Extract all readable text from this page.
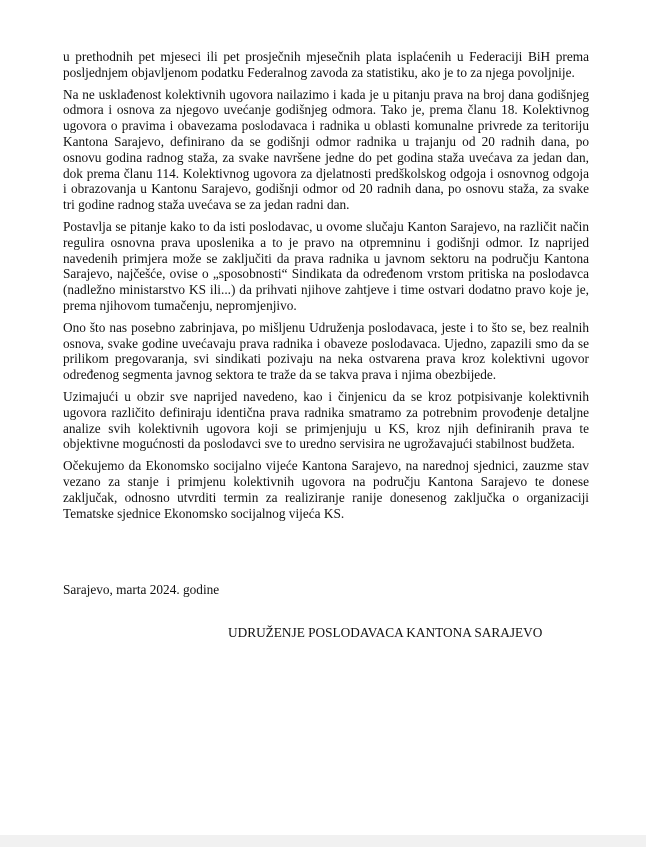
u prethodnih pet mjeseci ili pet prosječnih mjesečnih plata isplaćenih u Federaciji BiH prema posljednjem objavljenom podatku Federalnog zavoda za statistiku, ako je to za njega povoljnije.

Na ne usklađenost kolektivnih ugovora nailazimo i kada je u pitanju prava na broj dana godišnjeg odmora i osnova za njegovo uvećanje godišnjeg odmora. Tako je, prema članu 18. Kolektivnog ugovora o pravima i obavezama poslodavaca i radnika u oblasti komunalne privrede za teritoriju Kantona Sarajevo, definirano da se godišnji odmor radnika u trajanju od 20 radnih dana, po osnovu godina radnog staža, za svake navršene jedne do pet godina staža uvećava za jedan dan, dok prema članu 114. Kolektivnog ugovora za djelatnosti predškolskog odgoja i osnovnog odgoja i obrazovanja u Kantonu Sarajevo, godišnji odmor od 20 radnih dana, po osnovu staža, za svake tri godine radnog staža uvećava se za jedan radni dan.

Postavlja se pitanje kako to da isti poslodavac, u ovome slučaju Kanton Sarajevo, na različit način regulira osnovna prava uposlenika a to je pravo na otpremninu i godišnji odmor. Iz naprijed navedenih primjera može se zaključiti da prava radnika u javnom sektoru na području Kantona Sarajevo, najčešće, ovise o „sposobnosti“ Sindikata da određenom vrstom pritiska na poslodavca (nadležno ministarstvo KS ili...) da prihvati njihove zahtjeve i time ostvari dodatno pravo koje je, prema njihovom tumačenju, nepromjenjivo.

Ono što nas posebno zabrinjava, po mišljenu Udruženja poslodavaca, jeste i to što se, bez realnih osnova, svake godine uvećavaju prava radnika i obaveze poslodavaca. Ujedno, zapazili smo da se prilikom pregovaranja, svi sindikati pozivaju na neka ostvarena prava kroz kolektivni ugovor određenog segmenta javnog sektora te traže da se takva prava i njima obezbijede.

Uzimajući u obzir sve naprijed navedeno, kao i činjenicu da se kroz potpisivanje kolektivnih ugovora različito definiraju identična prava radnika smatramo za potrebnim provođenje detaljne analize svih kolektivnih ugovora koji se primjenjuju u KS, kroz njih definiranih prava te objektivne mogućnosti da poslodavci sve to uredno servisira ne ugrožavajući stabilnost budžeta.

Očekujemo da Ekonomsko socijalno vijeće Kantona Sarajevo, na narednoj sjednici, zauzme stav vezano za stanje i primjenu kolektivnih ugovora na području Kantona Sarajevo te donese zaključak, odnosno utvrditi termin za realiziranje ranije donesenog zaključka o organizaciji Tematske sjednice Ekonomsko socijalnog vijeća KS.

Sarajevo, marta 2024. godine
UDRUŽENJE POSLODAVACA KANTONA SARAJEVO
